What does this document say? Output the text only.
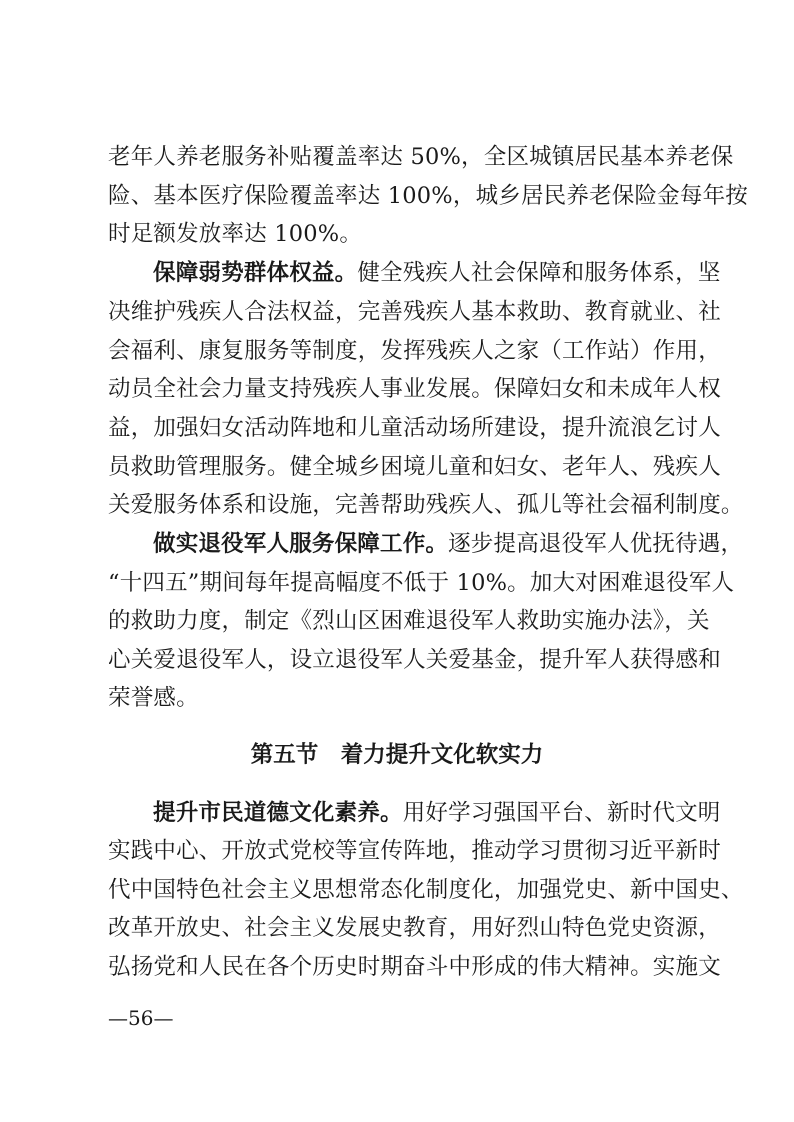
老年人养老服务补贴覆盖率达 50%，全区城镇居民基本养老保
险、基本医疗保险覆盖率达 100%，城乡居民养老保险金每年按
时足额发放率达 100%。
保障弱势群体权益。健全残疾人社会保障和服务体系，坚
决维护残疾人合法权益，完善残疾人基本救助、教育就业、社
会福利、康复服务等制度，发挥残疾人之家（工作站）作用，
动员全社会力量支持残疾人事业发展。保障妇女和未成年人权
益，加强妇女活动阵地和儿童活动场所建设，提升流浪乞讨人
员救助管理服务。健全城乡困境儿童和妇女、老年人、残疾人
关爱服务体系和设施，完善帮助残疾人、孤儿等社会福利制度。
做实退役军人服务保障工作。逐步提高退役军人优抚待遇，
“十四五”期间每年提高幅度不低于 10%。加大对困难退役军人
的救助力度，制定《烈山区困难退役军人救助实施办法》，关
心关爱退役军人，设立退役军人关爱基金，提升军人获得感和
荣誉感。
第五节　着力提升文化软实力
提升市民道德文化素养。用好学习强国平台、新时代文明
实践中心、开放式党校等宣传阵地，推动学习贯彻习近平新时
代中国特色社会主义思想常态化制度化，加强党史、新中国史、
改革开放史、社会主义发展史教育，用好烈山特色党史资源，
弘扬党和人民在各个历史时期奋斗中形成的伟大精神。实施文
—56—
